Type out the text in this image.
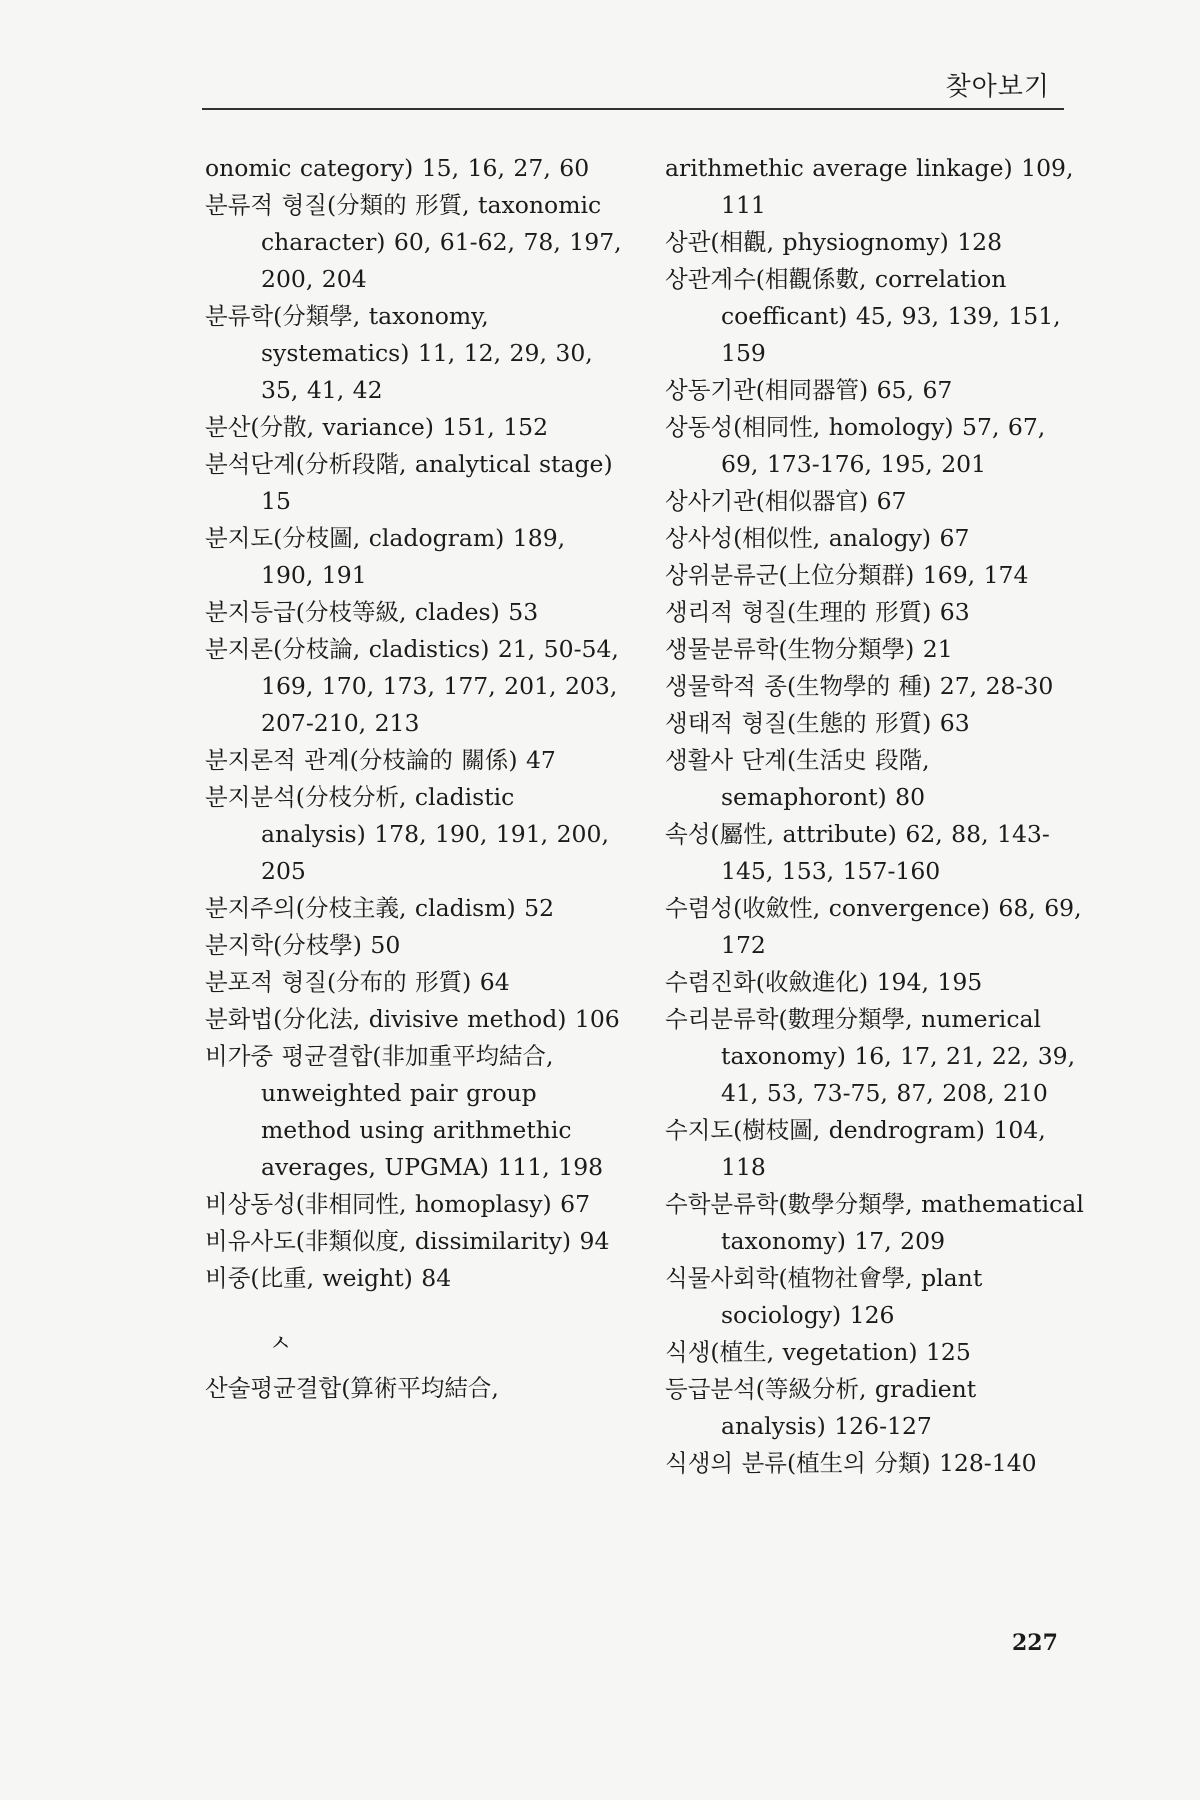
찾아보기

onomic category) 15, 16, 27, 60

분류적 형질(分類的 形質, taxonomic character) 60, 61-62, 78, 197, 200, 204

분류학(分類學, taxonomy, systematics) 11, 12, 29, 30, 35, 41, 42

분산(分散, variance) 151, 152

분석단계(分析段階, analytical stage) 15

분지도(分枝圖, cladogram) 189, 190, 191

분지등급(分枝等級, clades) 53

분지론(分枝論, cladistics) 21, 50-54, 169, 170, 173, 177, 201, 203, 207-210, 213

분지론적 관계(分枝論的 關係) 47

분지분석(分枝分析, cladistic analysis) 178, 190, 191, 200, 205

분지주의(分枝主義, cladism) 52

분지학(分枝學) 50

분포적 형질(分布的 形質) 64

분화법(分化法, divisive method) 106

비가중 평균결합(非加重平均結合, unweighted pair group method using arithmethic averages, UPGMA) 111, 198

비상동성(非相同性, homoplasy) 67

비유사도(非類似度, dissimilarity) 94

비중(比重, weight) 84

ㅅ

산술평균결합(算術平均結合,

arithmethic average linkage) 109, 111

상관(相觀, physiognomy) 128

상관계수(相觀係數, correlation coefficant) 45, 93, 139, 151, 159

상동기관(相同器管) 65, 67

상동성(相同性, homology) 57, 67, 69, 173-176, 195, 201

상사기관(相似器官) 67

상사성(相似性, analogy) 67

상위분류군(上位分類群) 169, 174

생리적 형질(生理的 形質) 63

생물분류학(生物分類學) 21

생물학적 종(生物學的 種) 27, 28-30

생태적 형질(生態的 形質) 63

생활사 단계(生活史 段階, semaphoront) 80

속성(屬性, attribute) 62, 88, 143-145, 153, 157-160

수렴성(收斂性, convergence) 68, 69, 172

수렴진화(收斂進化) 194, 195

수리분류학(數理分類學, numerical taxonomy) 16, 17, 21, 22, 39, 41, 53, 73-75, 87, 208, 210

수지도(樹枝圖, dendrogram) 104, 118

수학분류학(數學分類學, mathematical taxonomy) 17, 209

식물사회학(植物社會學, plant sociology) 126

식생(植生, vegetation) 125

등급분석(等級分析, gradient analysis) 126-127

식생의 분류(植生의 分類) 128-140

227
